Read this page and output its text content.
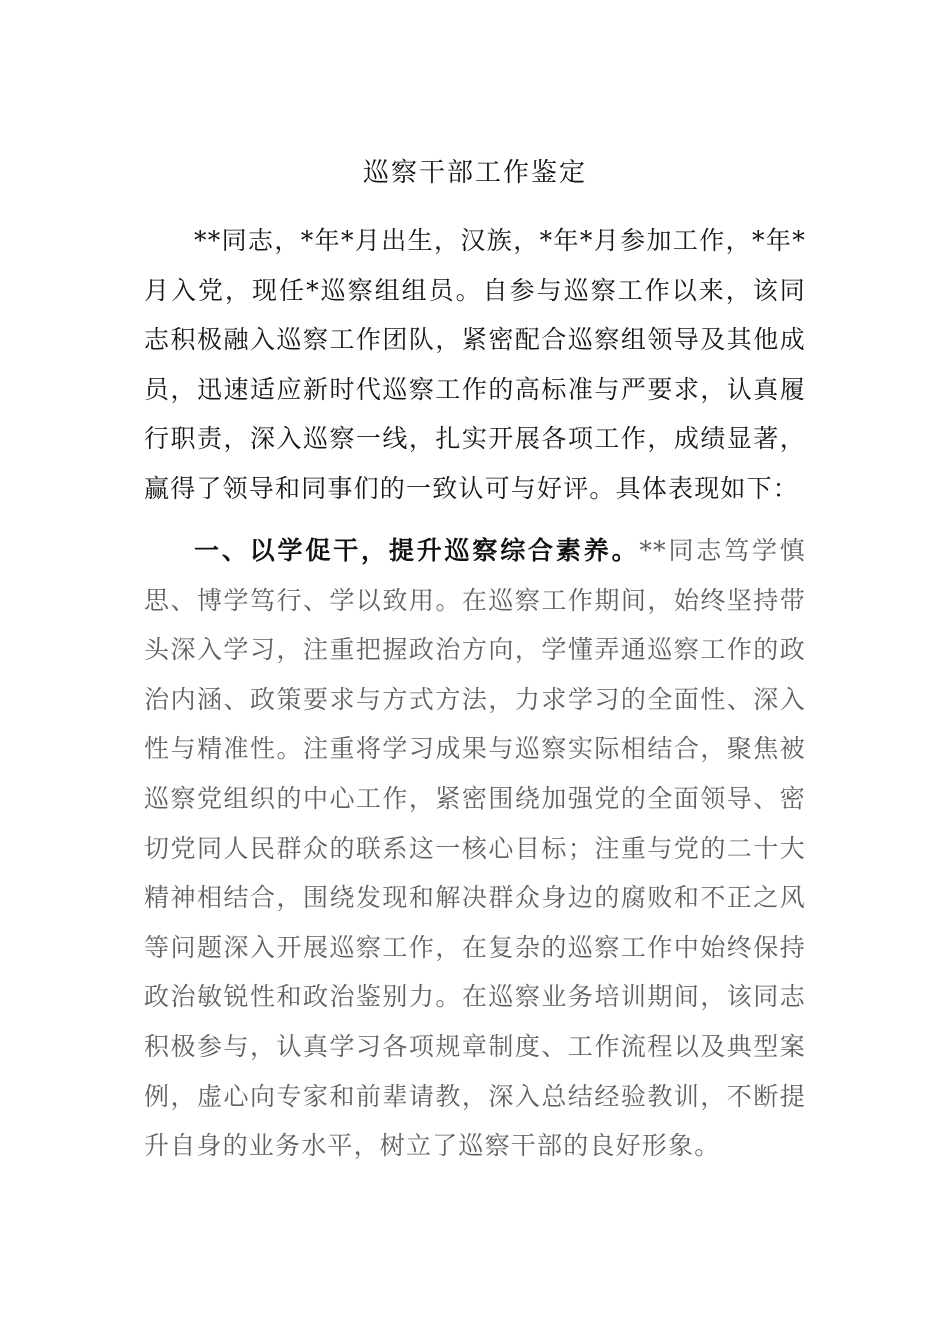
巡察干部工作鉴定

**同志，*年*月出生，汉族，*年*月参加工作，*年*月入党，现任*巡察组组员。自参与巡察工作以来，该同志积极融入巡察工作团队，紧密配合巡察组领导及其他成员，迅速适应新时代巡察工作的高标准与严要求，认真履行职责，深入巡察一线，扎实开展各项工作，成绩显著，赢得了领导和同事们的一致认可与好评。具体表现如下：

一、以学促干，提升巡察综合素养。**同志笃学慎思、博学笃行、学以致用。在巡察工作期间，始终坚持带头深入学习，注重把握政治方向，学懂弄通巡察工作的政治内涵、政策要求与方式方法，力求学习的全面性、深入性与精准性。注重将学习成果与巡察实际相结合，聚焦被巡察党组织的中心工作，紧密围绕加强党的全面领导、密切党同人民群众的联系这一核心目标；注重与党的二十大精神相结合，围绕发现和解决群众身边的腐败和不正之风等问题深入开展巡察工作，在复杂的巡察工作中始终保持政治敏锐性和政治鉴别力。在巡察业务培训期间，该同志积极参与，认真学习各项规章制度、工作流程以及典型案例，虚心向专家和前辈请教，深入总结经验教训，不断提升自身的业务水平，树立了巡察干部的良好形象。
